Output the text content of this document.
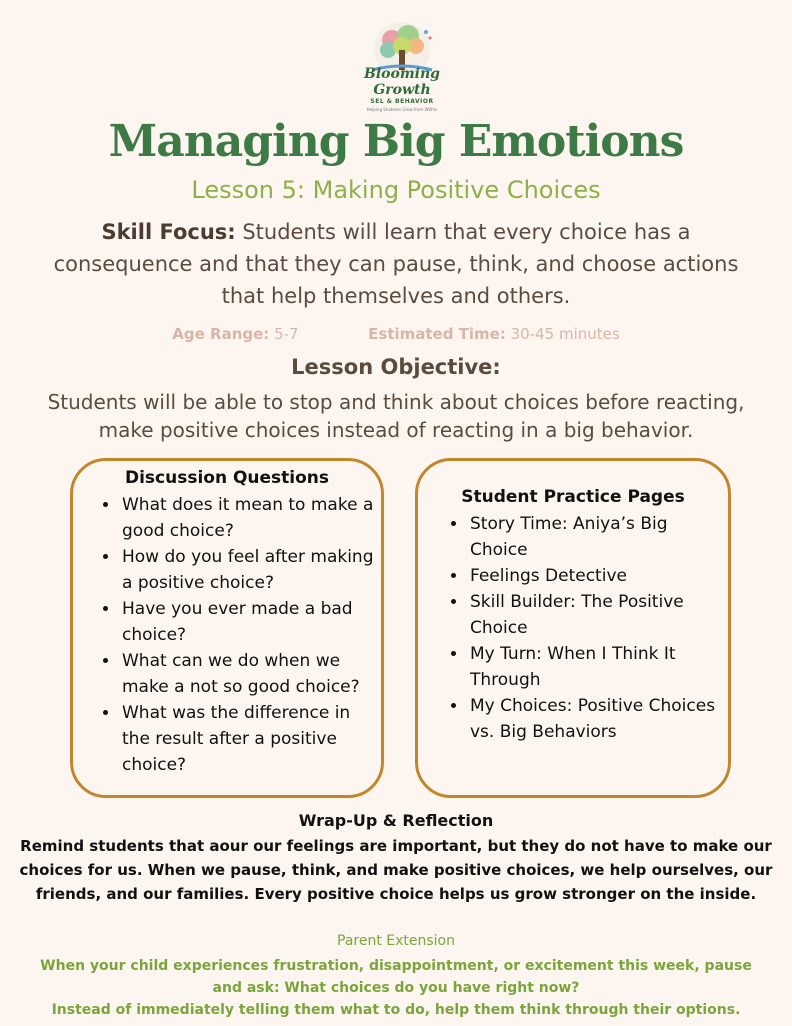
Blooming Growth
SEL & BEHAVIOR
Helping Students Grow from Within
Managing Big Emotions
Lesson 5: Making Positive Choices
Skill Focus: Students will learn that every choice has a consequence and that they can pause, think, and choose actions that help themselves and others.
Age Range: 5-7	Estimated Time: 30-45 minutes
Lesson Objective:
Students will be able to stop and think about choices before reacting,
make positive choices instead of reacting in a big behavior.
Discussion Questions
• What does it mean to make a good choice?
• How do you feel after making a positive choice?
• Have you ever made a bad choice?
• What can we do when we make a not so good choice?
• What was the difference in the result after a positive choice?
Student Practice Pages
• Story Time: Aniya’s Big Choice
• Feelings Detective
• Skill Builder: The Positive Choice
• My Turn: When I Think It Through
• My Choices: Positive Choices vs. Big Behaviors
Wrap-Up & Reflection
Remind students that aour our feelings are important, but they do not have to make our choices for us. When we pause, think, and make positive choices, we help ourselves, our friends, and our families. Every positive choice helps us grow stronger on the inside.
Parent Extension
When your child experiences frustration, disappointment, or excitement this week, pause
and ask: What choices do you have right now?
Instead of immediately telling them what to do, help them think through their options.
